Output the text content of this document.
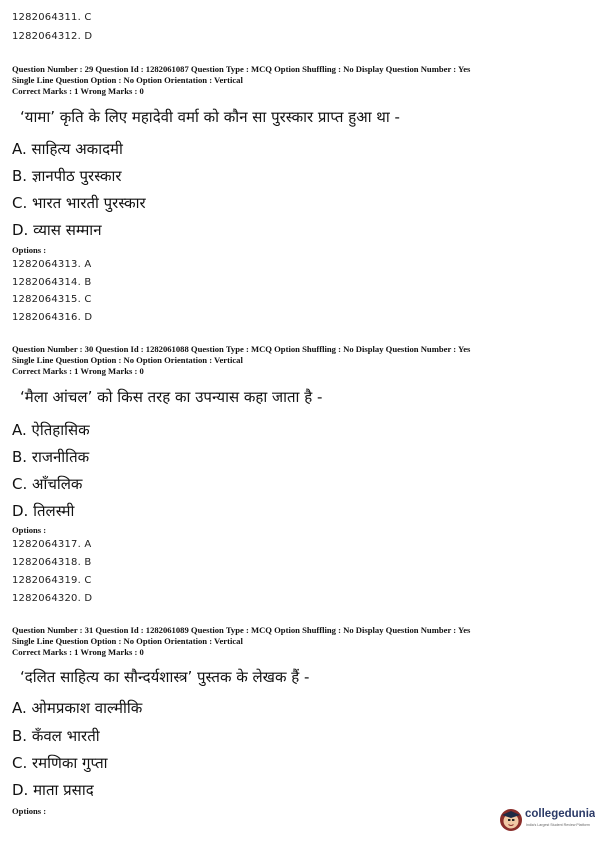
1282064311. C
1282064312. D
Question Number : 29 Question Id : 1282061087 Question Type : MCQ Option Shuffling : No Display Question Number : Yes
Single Line Question Option : No Option Orientation : Vertical
Correct Marks : 1 Wrong Marks : 0
‘यामा’ कृति के लिए महादेवी वर्मा को कौन सा पुरस्कार प्राप्त हुआ था -
A. साहित्य अकादमी
B. ज्ञानपीठ पुरस्कार
C. भारत भारती पुरस्कार
D. व्यास सम्मान
Options :
1282064313. A
1282064314. B
1282064315. C
1282064316. D
Question Number : 30 Question Id : 1282061088 Question Type : MCQ Option Shuffling : No Display Question Number : Yes
Single Line Question Option : No Option Orientation : Vertical
Correct Marks : 1 Wrong Marks : 0
‘मैला आंचल’ को किस तरह का उपन्यास कहा जाता है -
A. ऐतिहासिक
B. राजनीतिक
C. आँचलिक
D. तिलस्मी
Options :
1282064317. A
1282064318. B
1282064319. C
1282064320. D
Question Number : 31 Question Id : 1282061089 Question Type : MCQ Option Shuffling : No Display Question Number : Yes
Single Line Question Option : No Option Orientation : Vertical
Correct Marks : 1 Wrong Marks : 0
‘दलित साहित्य का सौन्दर्यशास्त्र’ पुस्तक के लेखक हैं -
A. ओमप्रकाश वाल्मीकि
B. कँवल भारती
C. रमणिका गुप्ता
D. माता प्रसाद
Options :	collegedunia
India's Largest Student Review Platform
